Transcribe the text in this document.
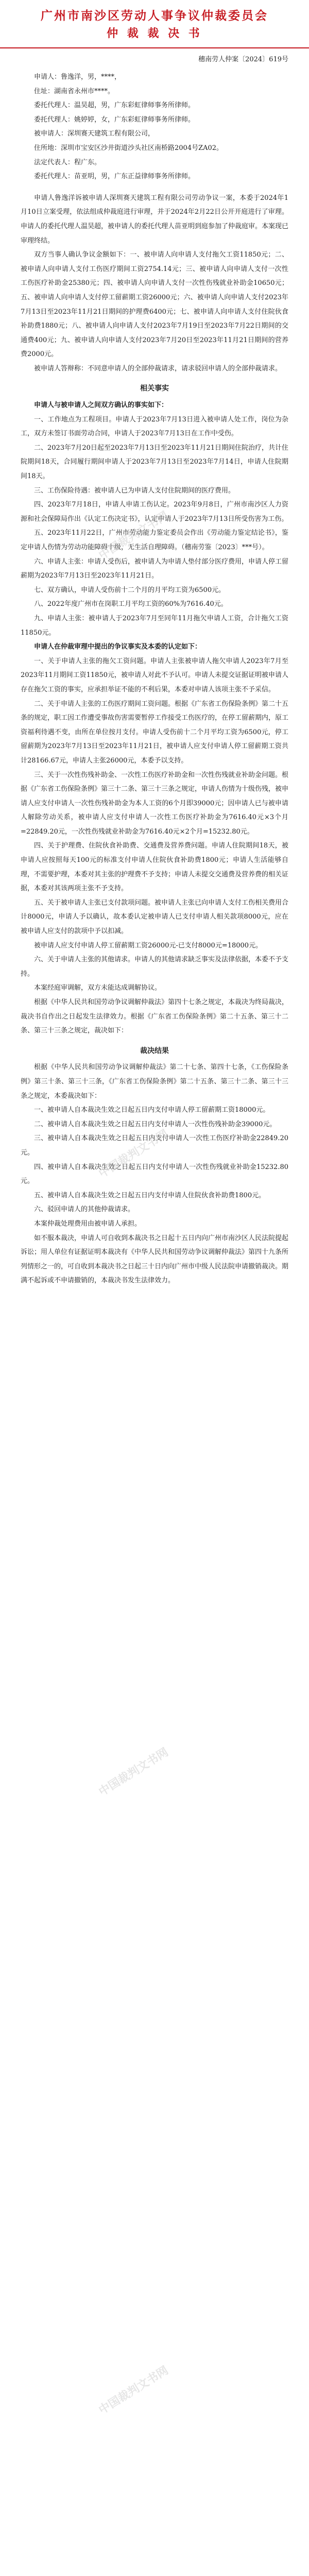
广州市南沙区劳动人事争议仲裁委员会
仲 裁 裁 决 书
穗南劳人仲案〔2024〕619号

申请人：鲁逸洋，男，****，

住址：湖南省永州市****。

委托代理人：温昊超，男，广东彩虹律师事务所律师。

委托代理人：姚婷婷，女，广东彩虹律师事务所律师。

被申请人：深圳赛天建筑工程有限公司，

住所地：深圳市宝安区沙井街道沙头社区南桥路2004号ZA02。

法定代表人：程广东。

委托代理人：苗亚明，男，广东正益律师事务所律师。

申请人鲁逸洋诉被申请人深圳赛天建筑工程有限公司劳动争议一案，本委于2024年1月10日立案受理，依法组成仲裁庭进行审理，并于2024年2月22日公开开庭进行了审理。申请人的委托代理人温昊超，被申请人的委托代理人苗亚明到庭参加了仲裁庭审。本案现已审理终结。

双方当事人确认争议金额如下：一、被申请人向申请人支付拖欠工资11850元；二、被申请人向申请人支付工伤医疗期间工资2754.14元；三、被申请人向申请人支付一次性工伤医疗补助金25380元；四、被申请人向申请人支付一次性伤残就业补助金10650元；五、被申请人向申请人支付停工留薪期工资26000元；六、被申请人向申请人支付2023年7月13日至2023年11月21日期间的护理费6400元；七、被申请人向申请人支付住院伙食补助费1880元；八、被申请人向申请人支付2023年7月19日至2023年7月22日期间的交通费400元；九、被申请人向申请人支付2023年7月20日至2023年11月21日期间的营养费2000元。

被申请人答辩称：不同意申请人的全部仲裁请求，请求驳回申请人的全部仲裁请求。

相关事实

申请人与被申请人之间双方确认的事实如下：

一、工作地点为工程项目。申请人于2023年7月13日进入被申请人处工作，岗位为杂工，双方未签订书面劳动合同，申请人于2023年7月13日在工作中受伤。

二、2023年7月20日起至2023年7月13日至2023年11月21日期间住院治疗，共计住院期间18天，合同履行期间申请人于2023年7月13日至2023年7月14日，申请人住院期间18天。

三、工伤保险待遇：被申请人已为申请人支付住院期间的医疗费用。

四、2023年7月18日，申请人申请工伤认定。2023年9月8日，广州市南沙区人力资源和社会保障局作出《认定工伤决定书》，认定申请人于2023年7月13日所受伤害为工伤。

五、2023年11月22日，广州市劳动能力鉴定委员会作出《劳动能力鉴定结论书》，鉴定申请人伤情为劳动功能障碍十级，无生活自理障碍。（穗南劳鉴〔2023〕***号）。

六、申请人主张：申请人受伤后，被申请人为申请人垫付部分医疗费用，申请人停工留薪期为2023年7月13日至2023年11月21日。

七、双方确认，申请人受伤前十二个月的月平均工资为6500元。

八、2022年度广州市在岗职工月平均工资的60%为7616.40元。

九、申请人主张：被申请人于2023年7月至同年11月拖欠申请人工资，合计拖欠工资11850元。

申请人在仲裁审理中提出的争议事实及本委的认定如下：

一、关于申请人主张的拖欠工资问题。申请人主张被申请人拖欠申请人2023年7月至2023年11月期间工资11850元，被申请人对此不予认可。申请人未提交证据证明被申请人存在拖欠工资的事实，应承担举证不能的不利后果，本委对申请人该项主张不予采信。

二、关于申请人主张的工伤医疗期间工资问题。根据《广东省工伤保险条例》第二十五条的规定，职工因工作遭受事故伤害需要暂停工作接受工伤医疗的，在停工留薪期内，原工资福利待遇不变，由所在单位按月支付。申请人受伤前十二个月平均工资为6500元，停工留薪期为2023年7月13日至2023年11月21日，被申请人应支付申请人停工留薪期工资共计28166.67元，申请人主张26000元，本委予以支持。

三、关于一次性伤残补助金、一次性工伤医疗补助金和一次性伤残就业补助金问题。根据《广东省工伤保险条例》第三十二条、第三十三条之规定，申请人伤情为十级伤残，被申请人应支付申请人一次性伤残补助金为本人工资的6个月即39000元；因申请人已与被申请人解除劳动关系，被申请人应支付申请人一次性工伤医疗补助金为7616.40元×3个月=22849.20元，一次性伤残就业补助金为7616.40元×2个月=15232.80元。

四、关于护理费、住院伙食补助费、交通费及营养费问题。申请人住院期间18天，被申请人应按照每天100元的标准支付申请人住院伙食补助费1800元；申请人生活能够自理，不需要护理，本委对其主张的护理费不予支持；申请人未提交交通费及营养费的相关证据，本委对其该两项主张不予支持。

五、关于被申请人主张已支付款项问题。被申请人主张已向申请人支付工伤相关费用合计8000元，申请人予以确认，故本委认定被申请人已支付申请人相关款项8000元，应在被申请人应支付的款项中予以扣减。

被申请人应支付申请人停工留薪期工资26000元-已支付8000元=18000元。

六、关于申请人主张的其他请求。申请人的其他请求缺乏事实及法律依据，本委不予支持。

本案经庭审调解，双方未能达成调解协议。

根据《中华人民共和国劳动争议调解仲裁法》第四十七条之规定，本裁决为终局裁决，裁决书自作出之日起发生法律效力。根据《广东省工伤保险条例》第二十五条、第三十二条、第三十三条之规定，裁决如下：

裁决结果

根据《中华人民共和国劳动争议调解仲裁法》第二十七条、第四十七条，《工伤保险条例》第三十条、第三十三条，《广东省工伤保险条例》第二十五条、第三十二条、第三十三条之规定，本委裁决如下：

一、被申请人自本裁决生效之日起五日内支付申请人停工留薪期工资18000元。

二、被申请人自本裁决生效之日起五日内支付申请人一次性伤残补助金39000元。

三、被申请人自本裁决生效之日起五日内支付申请人一次性工伤医疗补助金22849.20元。

四、被申请人自本裁决生效之日起五日内支付申请人一次性伤残就业补助金15232.80元。

五、被申请人自本裁决生效之日起五日内支付申请人住院伙食补助费1800元。

六、驳回申请人的其他仲裁请求。

本案仲裁处理费用由被申请人承担。

如不服本裁决，申请人可自收到本裁决书之日起十五日内向广州市南沙区人民法院提起诉讼；用人单位有证据证明本裁决有《中华人民共和国劳动争议调解仲裁法》第四十九条所列情形之一的，可自收到本裁决书之日起三十日内向广州市中级人民法院申请撤销裁决。期满不起诉或不申请撤销的，本裁决书发生法律效力。

中国裁判文书网
中国裁判文书网
中国裁判文书网
中国裁判文书网
